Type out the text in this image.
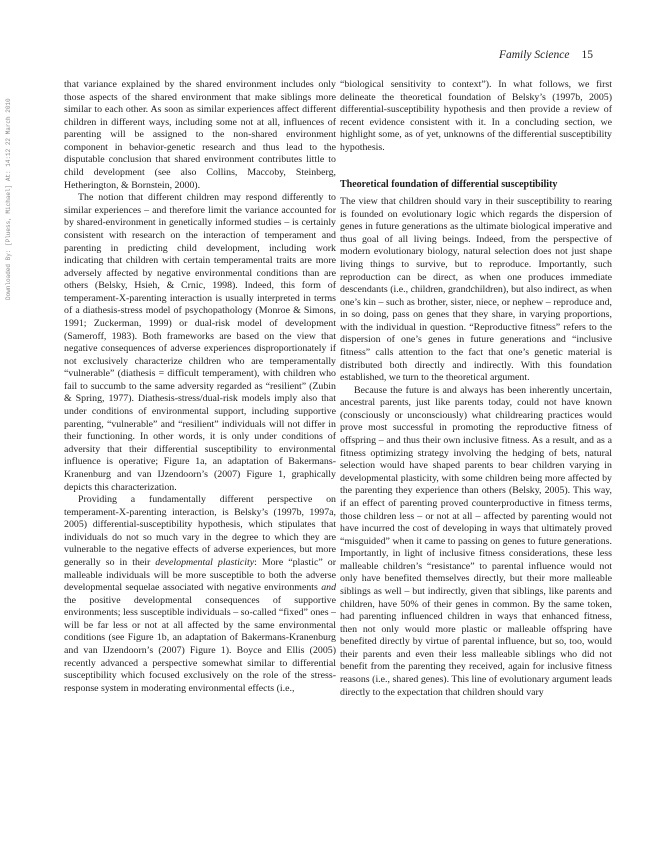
Family Science 15
Downloaded By: [Pluess, Michael] At: 14:12 22 March 2010

that variance explained by the shared environment includes only those aspects of the shared environment that make siblings more similar to each other. As soon as similar experiences affect different children in different ways, including some not at all, influences of parenting will be assigned to the non-shared environment component in behavior-genetic research and thus lead to the disputable conclusion that shared environment contributes little to child development (see also Collins, Maccoby, Steinberg, Hetherington, & Bornstein, 2000).

The notion that different children may respond differently to similar experiences – and therefore limit the variance accounted for by shared-environment in genetically informed studies – is certainly consistent with research on the interaction of temperament and parenting in predicting child development, including work indicating that children with certain temperamental traits are more adversely affected by negative environmental conditions than are others (Belsky, Hsieh, & Crnic, 1998). Indeed, this form of temperament-X-parenting interaction is usually interpreted in terms of a diathesis-stress model of psychopathology (Monroe & Simons, 1991; Zuckerman, 1999) or dual-risk model of development (Sameroff, 1983). Both frameworks are based on the view that negative consequences of adverse experiences disproportionately if not exclusively characterize children who are temperamentally “vulnerable” (diathesis = difficult temperament), with children who fail to succumb to the same adversity regarded as “resilient” (Zubin & Spring, 1977). Diathesis-stress/dual-risk models imply also that under conditions of environmental support, including supportive parenting, “vulnerable” and “resilient” individuals will not differ in their functioning. In other words, it is only under conditions of adversity that their differential susceptibility to environmental influence is operative; Figure 1a, an adaptation of Bakermans-Kranenburg and van IJzendoorn’s (2007) Figure 1, graphically depicts this characterization.

Providing a fundamentally different perspective on temperament-X-parenting interaction, is Belsky’s (1997b, 1997a, 2005) differential-susceptibility hypothesis, which stipulates that individuals do not so much vary in the degree to which they are vulnerable to the negative effects of adverse experiences, but more generally so in their developmental plasticity: More “plastic” or malleable individuals will be more susceptible to both the adverse developmental sequelae associated with negative environments and the positive developmental consequences of supportive environments; less susceptible individuals – so-called “fixed” ones – will be far less or not at all affected by the same environmental conditions (see Figure 1b, an adaptation of Bakermans-Kranenburg and van IJzendoorn’s (2007) Figure 1). Boyce and Ellis (2005) recently advanced a perspective somewhat similar to differential susceptibility which focused exclusively on the role of the stress-response system in moderating environmental effects (i.e.,

“biological sensitivity to context”). In what follows, we first delineate the theoretical foundation of Belsky’s (1997b, 2005) differential-susceptibility hypothesis and then provide a review of recent evidence consistent with it. In a concluding section, we highlight some, as of yet, unknowns of the differential susceptibility hypothesis.

Theoretical foundation of differential susceptibility

The view that children should vary in their susceptibility to rearing is founded on evolutionary logic which regards the dispersion of genes in future generations as the ultimate biological imperative and thus goal of all living beings. Indeed, from the perspective of modern evolutionary biology, natural selection does not just shape living things to survive, but to reproduce. Importantly, such reproduction can be direct, as when one produces immediate descendants (i.e., children, grandchildren), but also indirect, as when one’s kin – such as brother, sister, niece, or nephew – reproduce and, in so doing, pass on genes that they share, in varying proportions, with the individual in question. “Reproductive fitness” refers to the dispersion of one’s genes in future generations and “inclusive fitness” calls attention to the fact that one’s genetic material is distributed both directly and indirectly. With this foundation established, we turn to the theoretical argument.

Because the future is and always has been inherently uncertain, ancestral parents, just like parents today, could not have known (consciously or unconsciously) what childrearing practices would prove most successful in promoting the reproductive fitness of offspring – and thus their own inclusive fitness. As a result, and as a fitness optimizing strategy involving the hedging of bets, natural selection would have shaped parents to bear children varying in developmental plasticity, with some children being more affected by the parenting they experience than others (Belsky, 2005). This way, if an effect of parenting proved counterproductive in fitness terms, those children less – or not at all – affected by parenting would not have incurred the cost of developing in ways that ultimately proved “misguided” when it came to passing on genes to future generations. Importantly, in light of inclusive fitness considerations, these less malleable children’s “resistance” to parental influence would not only have benefited themselves directly, but their more malleable siblings as well – but indirectly, given that siblings, like parents and children, have 50% of their genes in common. By the same token, had parenting influenced children in ways that enhanced fitness, then not only would more plastic or malleable offspring have benefited directly by virtue of parental influence, but so, too, would their parents and even their less malleable siblings who did not benefit from the parenting they received, again for inclusive fitness reasons (i.e., shared genes). This line of evolutionary argument leads directly to the expectation that children should vary
